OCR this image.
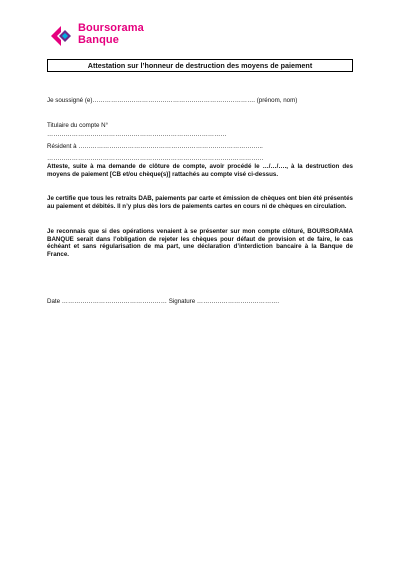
Boursorama
Banque
Attestation sur l’honneur de destruction des moyens de paiement
Je soussigné (e)……………………………………………………………………. (prénom, nom)
Titulaire du compte N°
……………………………………………………………………………
Résident à ……………………………………………………………………………...
……………………………………………………………………………………………
Atteste, suite à ma demande de clôture de compte, avoir procédé le …/…/…., à la destruction des moyens de paiement [CB et/ou chèque(s)] rattachés au compte visé ci-dessus.
Je certifie que tous les retraits DAB, paiements par carte et émission de chèques ont bien été présentés au paiement et débités. Il n’y plus dès lors de paiements cartes en cours ni de chèques en circulation.
Je reconnais que si des opérations venaient à se présenter sur mon compte clôturé, BOURSORAMA BANQUE serait dans l’obligation de rejeter les chèques pour défaut de provision et de faire, le cas échéant et sans régularisation de ma part, une déclaration d’interdiction bancaire à la Banque de France.
Date …………………………………………… Signature ………………………………….
